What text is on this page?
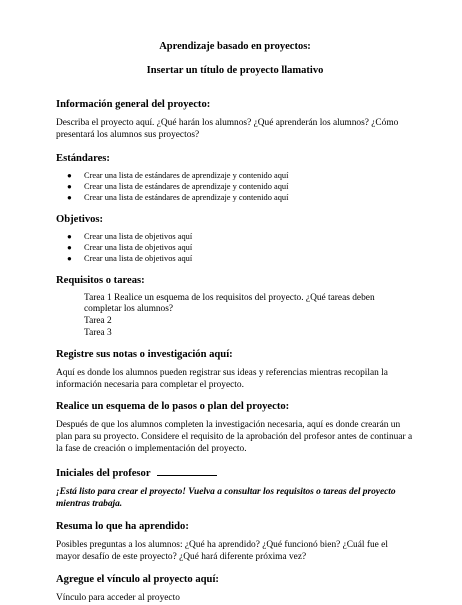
Aprendizaje basado en proyectos:
Insertar un título de proyecto llamativo
Información general del proyecto:

Describa el proyecto aquí. ¿Qué harán los alumnos? ¿Qué aprenderán los alumnos? ¿Cómo presentará los alumnos sus proyectos?

Estándares:
● Crear una lista de estándares de aprendizaje y contenido aquí
● Crear una lista de estándares de aprendizaje y contenido aquí
● Crear una lista de estándares de aprendizaje y contenido aquí
Objetivos:
● Crear una lista de objetivos aquí
● Crear una lista de objetivos aquí
● Crear una lista de objetivos aquí
Requisitos o tareas:
Tarea 1 Realice un esquema de los requisitos del proyecto. ¿Qué tareas deben completar los alumnos?
Tarea 2
Tarea 3
Registre sus notas o investigación aquí:

Aquí es donde los alumnos pueden registrar sus ideas y referencias mientras recopilan la información necesaria para completar el proyecto.

Realice un esquema de lo pasos o plan del proyecto:

Después de que los alumnos completen la investigación necesaria, aquí es donde crearán un plan para su proyecto. Considere el requisito de la aprobación del profesor antes de continuar a la fase de creación o implementación del proyecto.

Iniciales del profesor

¡Está listo para crear el proyecto! Vuelva a consultar los requisitos o tareas del proyecto mientras trabaja.

Resuma lo que ha aprendido:

Posibles preguntas a los alumnos: ¿Qué ha aprendido? ¿Qué funcionó bien? ¿Cuál fue el mayor desafío de este proyecto? ¿Qué hará diferente próxima vez?

Agregue el vínculo al proyecto aquí:

Vínculo para acceder al proyecto
